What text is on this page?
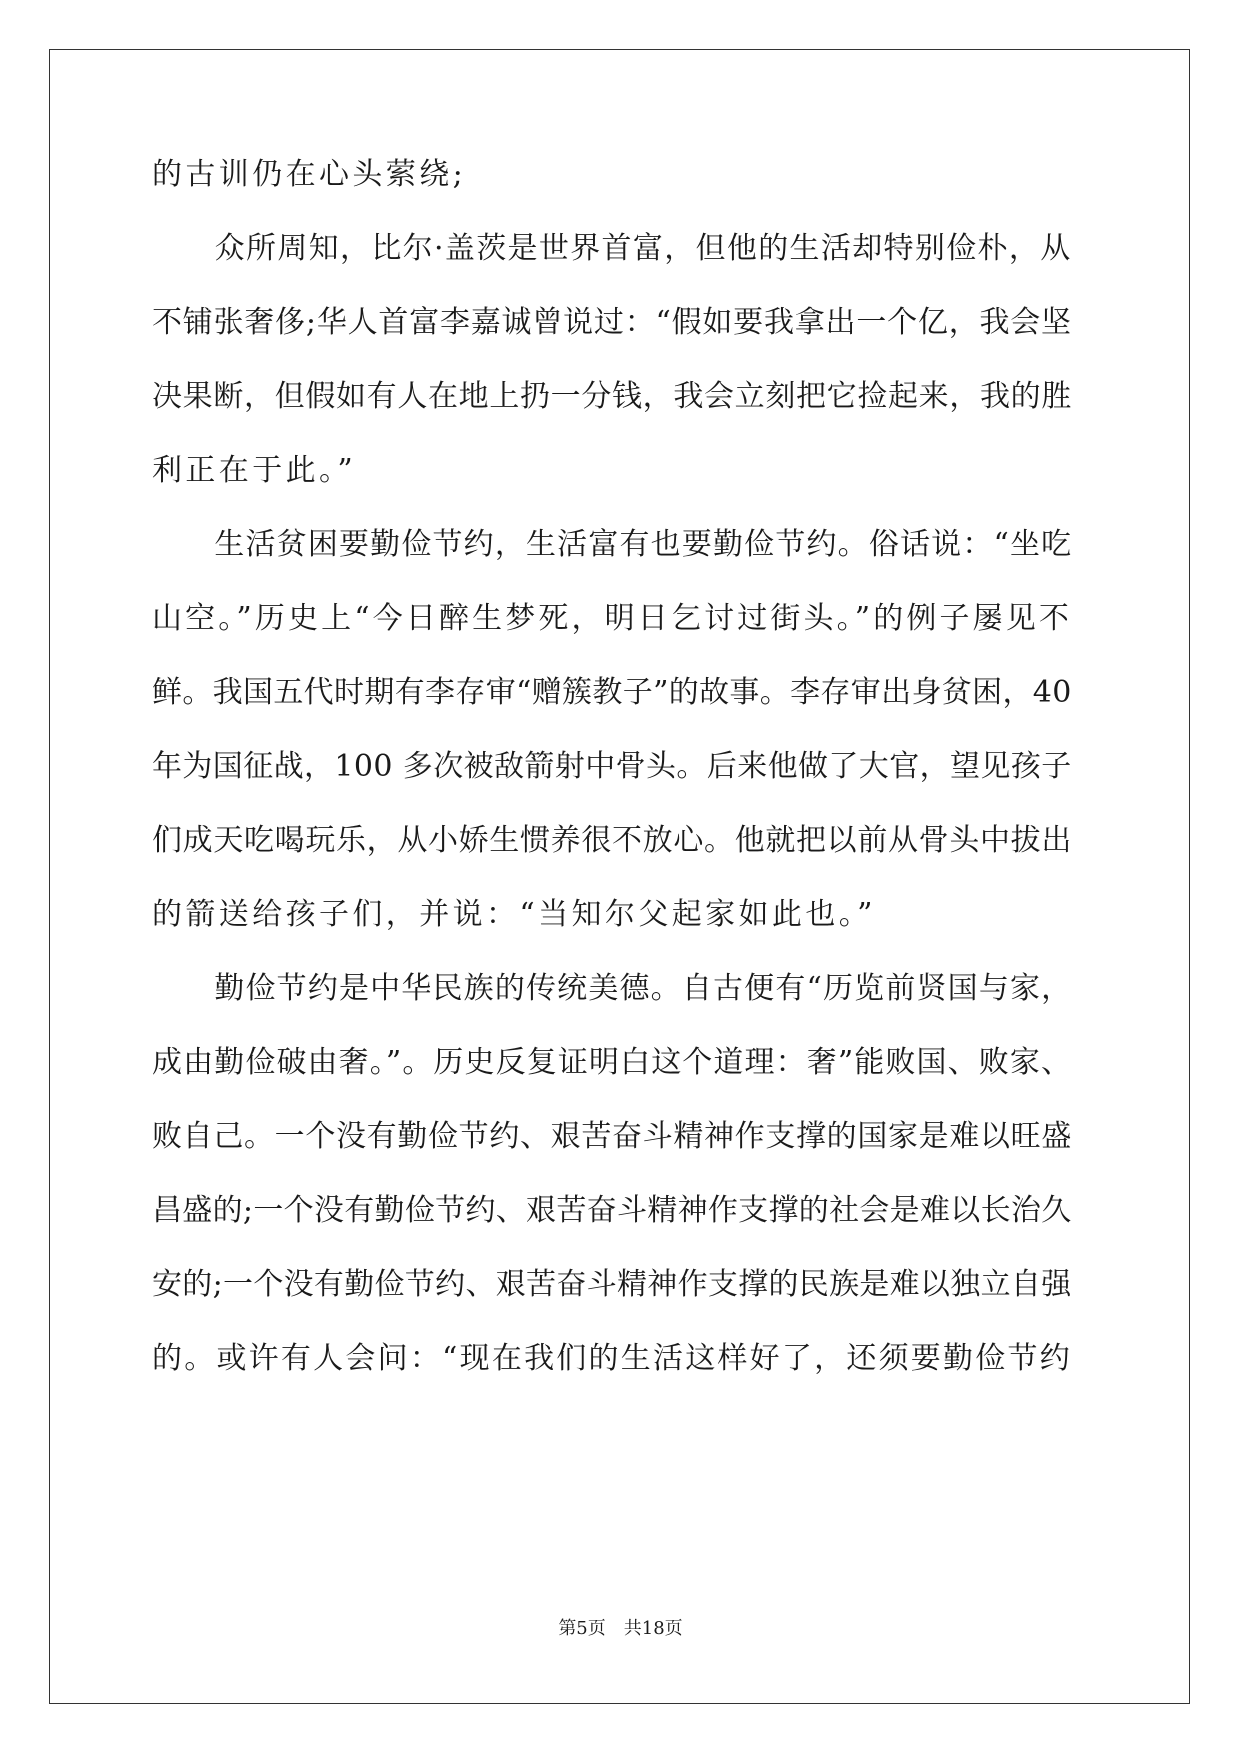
的古训仍在心头萦绕;
　　众所周知，比尔·盖茨是世界首富，但他的生活却特别俭朴，从
不铺张奢侈;华人首富李嘉诚曾说过：“假如要我拿出一个亿，我会坚
决果断，但假如有人在地上扔一分钱，我会立刻把它捡起来，我的胜
利正在于此。”
　　生活贫困要勤俭节约，生活富有也要勤俭节约。俗话说：“坐吃
山空。”历史上“今日醉生梦死，明日乞讨过街头。”的例子屡见不
鲜。我国五代时期有李存审“赠簇教子”的故事。李存审出身贫困，40
年为国征战，100 多次被敌箭射中骨头。后来他做了大官，望见孩子
们成天吃喝玩乐，从小娇生惯养很不放心。他就把以前从骨头中拔出
的箭送给孩子们，并说：“当知尔父起家如此也。”
　　勤俭节约是中华民族的传统美德。自古便有“历览前贤国与家，
成由勤俭破由奢。”。历史反复证明白这个道理：奢”能败国、败家、
败自己。一个没有勤俭节约、艰苦奋斗精神作支撑的国家是难以旺盛
昌盛的;一个没有勤俭节约、艰苦奋斗精神作支撑的社会是难以长治久
安的;一个没有勤俭节约、艰苦奋斗精神作支撑的民族是难以独立自强
的。或许有人会问：“现在我们的生活这样好了，还须要勤俭节约
第5页　共18页
